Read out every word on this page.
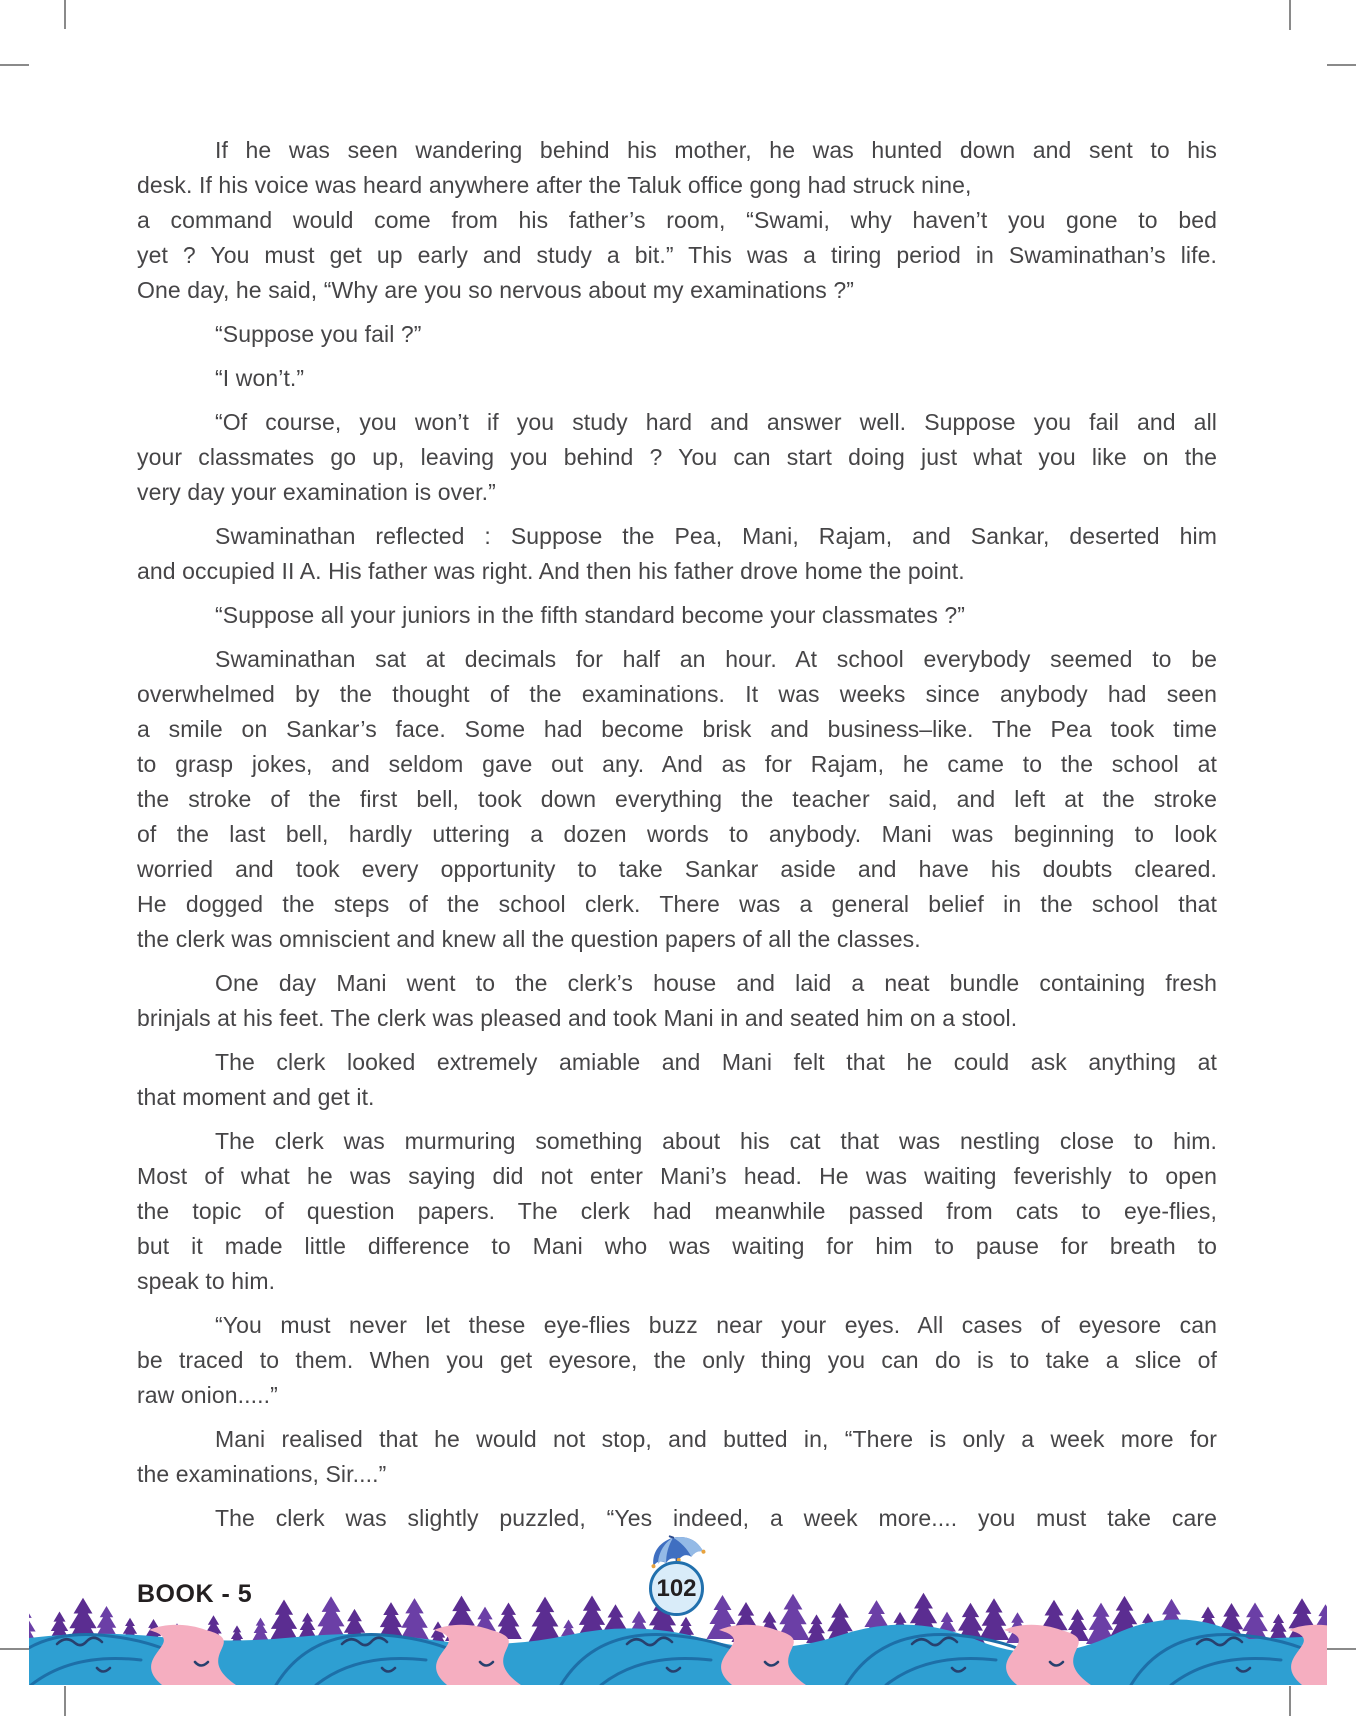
If he was seen wandering behind his mother, he was hunted down and sent to his
desk. If his voice was heard anywhere after the Taluk office gong had struck nine,
a command would come from his father’s room, “Swami, why haven’t you gone to bed
yet ? You must get up early and study a bit.” This was a tiring period in Swaminathan’s life.
One day, he said, “Why are you so nervous about my examinations ?”
“Suppose you fail ?”
“I won’t.”
“Of course, you won’t if you study hard and answer well. Suppose you fail and all
your classmates go up, leaving you behind ? You can start doing just what you like on the
very day your examination is over.”
Swaminathan reflected : Suppose the Pea, Mani, Rajam, and Sankar, deserted him
and occupied II A. His father was right. And then his father drove home the point.
“Suppose all your juniors in the fifth standard become your classmates ?”
Swaminathan sat at decimals for half an hour. At school everybody seemed to be
overwhelmed by the thought of the examinations. It was weeks since anybody had seen
a smile on Sankar’s face. Some had become brisk and business–like. The Pea took time
to grasp jokes, and seldom gave out any. And as for Rajam, he came to the school at
the stroke of the first bell, took down everything the teacher said, and left at the stroke
of the last bell, hardly uttering a dozen words to anybody. Mani was beginning to look
worried and took every opportunity to take Sankar aside and have his doubts cleared.
He dogged the steps of the school clerk. There was a general belief in the school that
the clerk was omniscient and knew all the question papers of all the classes.
One day Mani went to the clerk’s house and laid a neat bundle containing fresh
brinjals at his feet. The clerk was pleased and took Mani in and seated him on a stool.
The clerk looked extremely amiable and Mani felt that he could ask anything at
that moment and get it.
The clerk was murmuring something about his cat that was nestling close to him.
Most of what he was saying did not enter Mani’s head. He was waiting feverishly to open
the topic of question papers. The clerk had meanwhile passed from cats to eye-flies,
but it made little difference to Mani who was waiting for him to pause for breath to
speak to him.
“You must never let these eye-flies buzz near your eyes. All cases of eyesore can
be traced to them. When you get eyesore, the only thing you can do is to take a slice of
raw onion.....”
Mani realised that he would not stop, and butted in, “There is only a week more for
the examinations, Sir....”
The clerk was slightly puzzled, “Yes indeed, a week more.... you must take care
BOOK - 5	102
